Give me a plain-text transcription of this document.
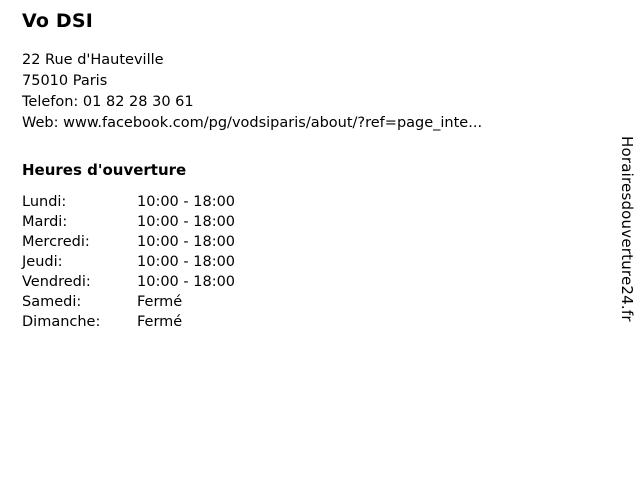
Vo DSI
22 Rue d'Hauteville
75010 Paris
Telefon: 01 82 28 30 61
Web: www.facebook.com/pg/vodsiparis/about/?ref=page_inte...
Heures d'ouverture
Lundi:	10:00 - 18:00
Mardi:	10:00 - 18:00
Mercredi:	10:00 - 18:00
Jeudi:	10:00 - 18:00
Vendredi:	10:00 - 18:00
Samedi:	Fermé
Dimanche:	Fermé
Horairesdouverture24.fr
